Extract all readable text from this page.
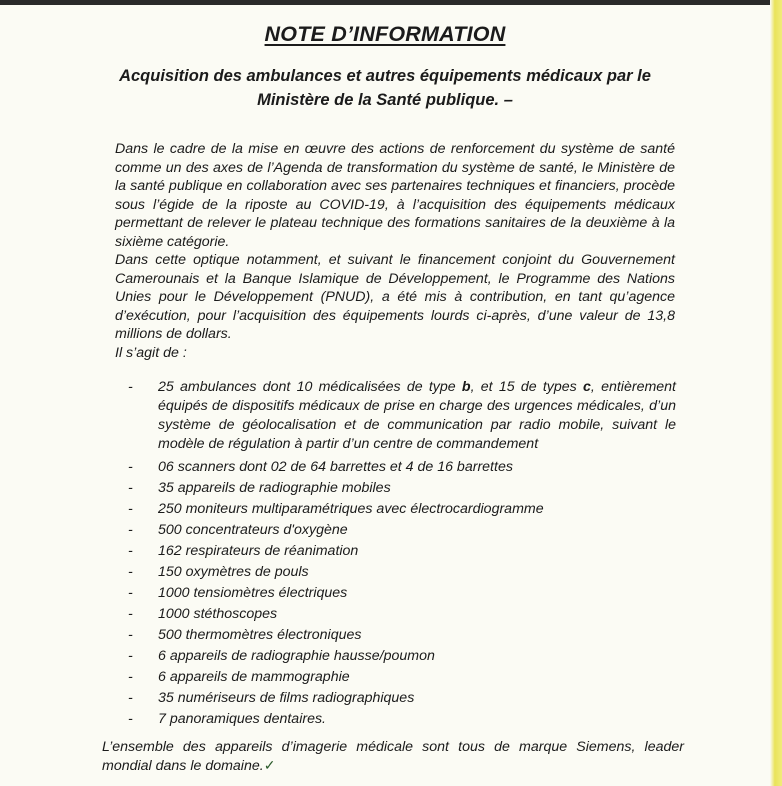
NOTE D’INFORMATION
Acquisition des ambulances et autres équipements médicaux par le
Ministère de la Santé publique. –

Dans le cadre de la mise en œuvre des actions de renforcement du système de santé comme un des axes de l’Agenda de transformation du système de santé, le Ministère de la santé publique en collaboration avec ses partenaires techniques et financiers, procède sous l’égide de la riposte au COVID-19, à l’acquisition des équipements médicaux permettant de relever le plateau technique des formations sanitaires de la deuxième à la sixième catégorie.

Dans cette optique notamment, et suivant le financement conjoint du Gouvernement Camerounais et la Banque Islamique de Développement, le Programme des Nations Unies pour le Développement (PNUD), a été mis à contribution, en tant qu’agence d’exécution, pour l’acquisition des équipements lourds ci-après, d’une valeur de 13,8 millions de dollars.

Il s’agit de :

- 25 ambulances dont 10 médicalisées de type b, et 15 de types c, entièrement équipés de dispositifs médicaux de prise en charge des urgences médicales, d’un système de géolocalisation et de communication par radio mobile, suivant le modèle de régulation à partir d’un centre de commandement
- 06 scanners dont 02 de 64 barrettes et 4 de 16 barrettes
- 35 appareils de radiographie mobiles
- 250 moniteurs multiparamétriques avec électrocardiogramme
- 500 concentrateurs d'oxygène
- 162 respirateurs de réanimation
- 150 oxymètres de pouls
- 1000 tensiomètres électriques
- 1000 stéthoscopes
- 500 thermomètres électroniques
- 6 appareils de radiographie hausse/poumon
- 6 appareils de mammographie
- 35 numériseurs de films radiographiques
- 7 panoramiques dentaires.
L’ensemble des appareils d’imagerie médicale sont tous de marque Siemens, leader mondial dans le domaine.✓
